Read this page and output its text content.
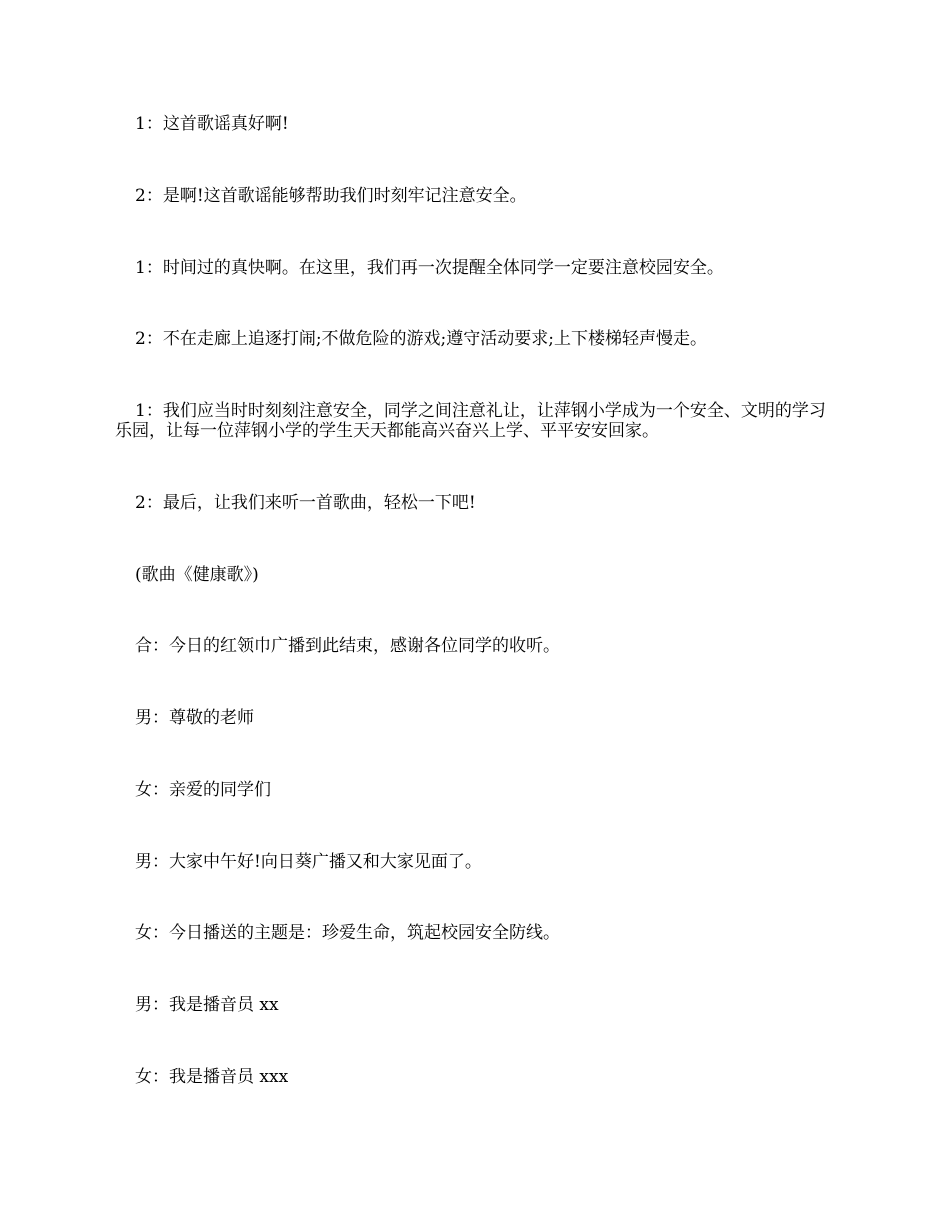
1：这首歌谣真好啊!

2：是啊!这首歌谣能够帮助我们时刻牢记注意安全。

1：时间过的真快啊。在这里，我们再一次提醒全体同学一定要注意校园安全。

2：不在走廊上追逐打闹;不做危险的游戏;遵守活动要求;上下楼梯轻声慢走。

1：我们应当时时刻刻注意安全，同学之间注意礼让，让萍钢小学成为一个安全、文明的学习乐园，让每一位萍钢小学的学生天天都能高兴奋兴上学、平平安安回家。

2：最后，让我们来听一首歌曲，轻松一下吧!

(歌曲《健康歌》)

合：今日的红领巾广播到此结束，感谢各位同学的收听。

男：尊敬的老师

女：亲爱的同学们

男：大家中午好!向日葵广播又和大家见面了。

女：今日播送的主题是：珍爱生命，筑起校园安全防线。

男：我是播音员 xx

女：我是播音员 xxx
